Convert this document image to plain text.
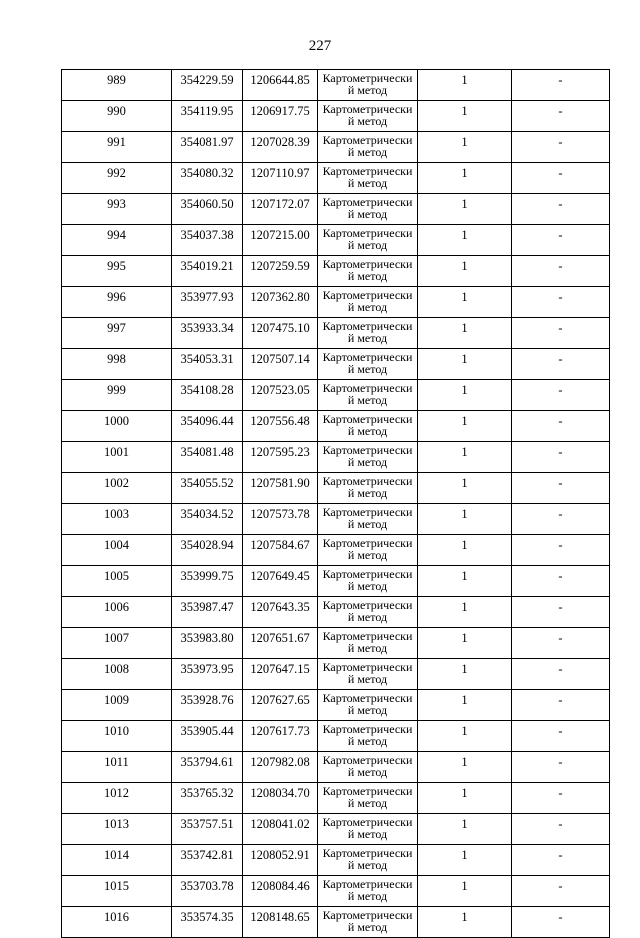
227
989	354229.59	1206644.85	Картометрически
й метод	1	-
990	354119.95	1206917.75	Картометрически
й метод	1	-
991	354081.97	1207028.39	Картометрически
й метод	1	-
992	354080.32	1207110.97	Картометрически
й метод	1	-
993	354060.50	1207172.07	Картометрически
й метод	1	-
994	354037.38	1207215.00	Картометрически
й метод	1	-
995	354019.21	1207259.59	Картометрически
й метод	1	-
996	353977.93	1207362.80	Картометрически
й метод	1	-
997	353933.34	1207475.10	Картометрически
й метод	1	-
998	354053.31	1207507.14	Картометрически
й метод	1	-
999	354108.28	1207523.05	Картометрически
й метод	1	-
1000	354096.44	1207556.48	Картометрически
й метод	1	-
1001	354081.48	1207595.23	Картометрически
й метод	1	-
1002	354055.52	1207581.90	Картометрически
й метод	1	-
1003	354034.52	1207573.78	Картометрически
й метод	1	-
1004	354028.94	1207584.67	Картометрически
й метод	1	-
1005	353999.75	1207649.45	Картометрически
й метод	1	-
1006	353987.47	1207643.35	Картометрически
й метод	1	-
1007	353983.80	1207651.67	Картометрически
й метод	1	-
1008	353973.95	1207647.15	Картометрически
й метод	1	-
1009	353928.76	1207627.65	Картометрически
й метод	1	-
1010	353905.44	1207617.73	Картометрически
й метод	1	-
1011	353794.61	1207982.08	Картометрически
й метод	1	-
1012	353765.32	1208034.70	Картометрически
й метод	1	-
1013	353757.51	1208041.02	Картометрически
й метод	1	-
1014	353742.81	1208052.91	Картометрически
й метод	1	-
1015	353703.78	1208084.46	Картометрически
й метод	1	-
1016	353574.35	1208148.65	Картометрически
й метод	1	-
